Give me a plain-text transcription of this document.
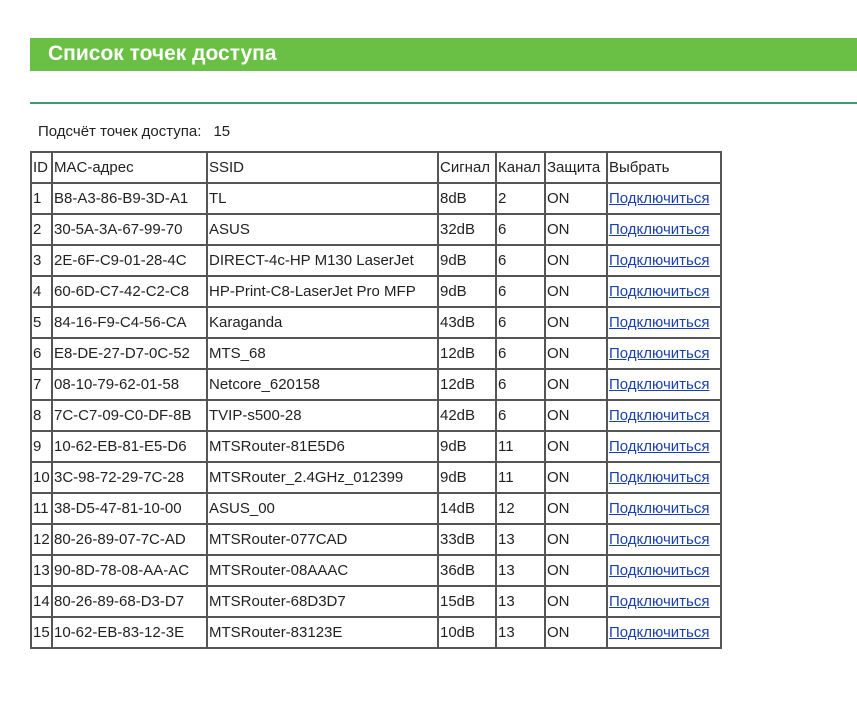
Список точек доступа
Подсчёт точек доступа: 15
ID	MAC-адрес	SSID	Сигнал	Канал	Защита	Выбрать
1	B8-A3-86-B9-3D-A1	TL	8dB	2	ON	Подключиться
2	30-5A-3A-67-99-70	ASUS	32dB	6	ON	Подключиться
3	2E-6F-C9-01-28-4C	DIRECT-4c-HP M130 LaserJet	9dB	6	ON	Подключиться
4	60-6D-C7-42-C2-C8	HP-Print-C8-LaserJet Pro MFP	9dB	6	ON	Подключиться
5	84-16-F9-C4-56-CA	Karaganda	43dB	6	ON	Подключиться
6	E8-DE-27-D7-0C-52	MTS_68	12dB	6	ON	Подключиться
7	08-10-79-62-01-58	Netcore_620158	12dB	6	ON	Подключиться
8	7C-C7-09-C0-DF-8B	TVIP-s500-28	42dB	6	ON	Подключиться
9	10-62-EB-81-E5-D6	MTSRouter-81E5D6	9dB	11	ON	Подключиться
10	3C-98-72-29-7C-28	MTSRouter_2.4GHz_012399	9dB	11	ON	Подключиться
11	38-D5-47-81-10-00	ASUS_00	14dB	12	ON	Подключиться
12	80-26-89-07-7C-AD	MTSRouter-077CAD	33dB	13	ON	Подключиться
13	90-8D-78-08-AA-AC	MTSRouter-08AAAC	36dB	13	ON	Подключиться
14	80-26-89-68-D3-D7	MTSRouter-68D3D7	15dB	13	ON	Подключиться
15	10-62-EB-83-12-3E	MTSRouter-83123E	10dB	13	ON	Подключиться
